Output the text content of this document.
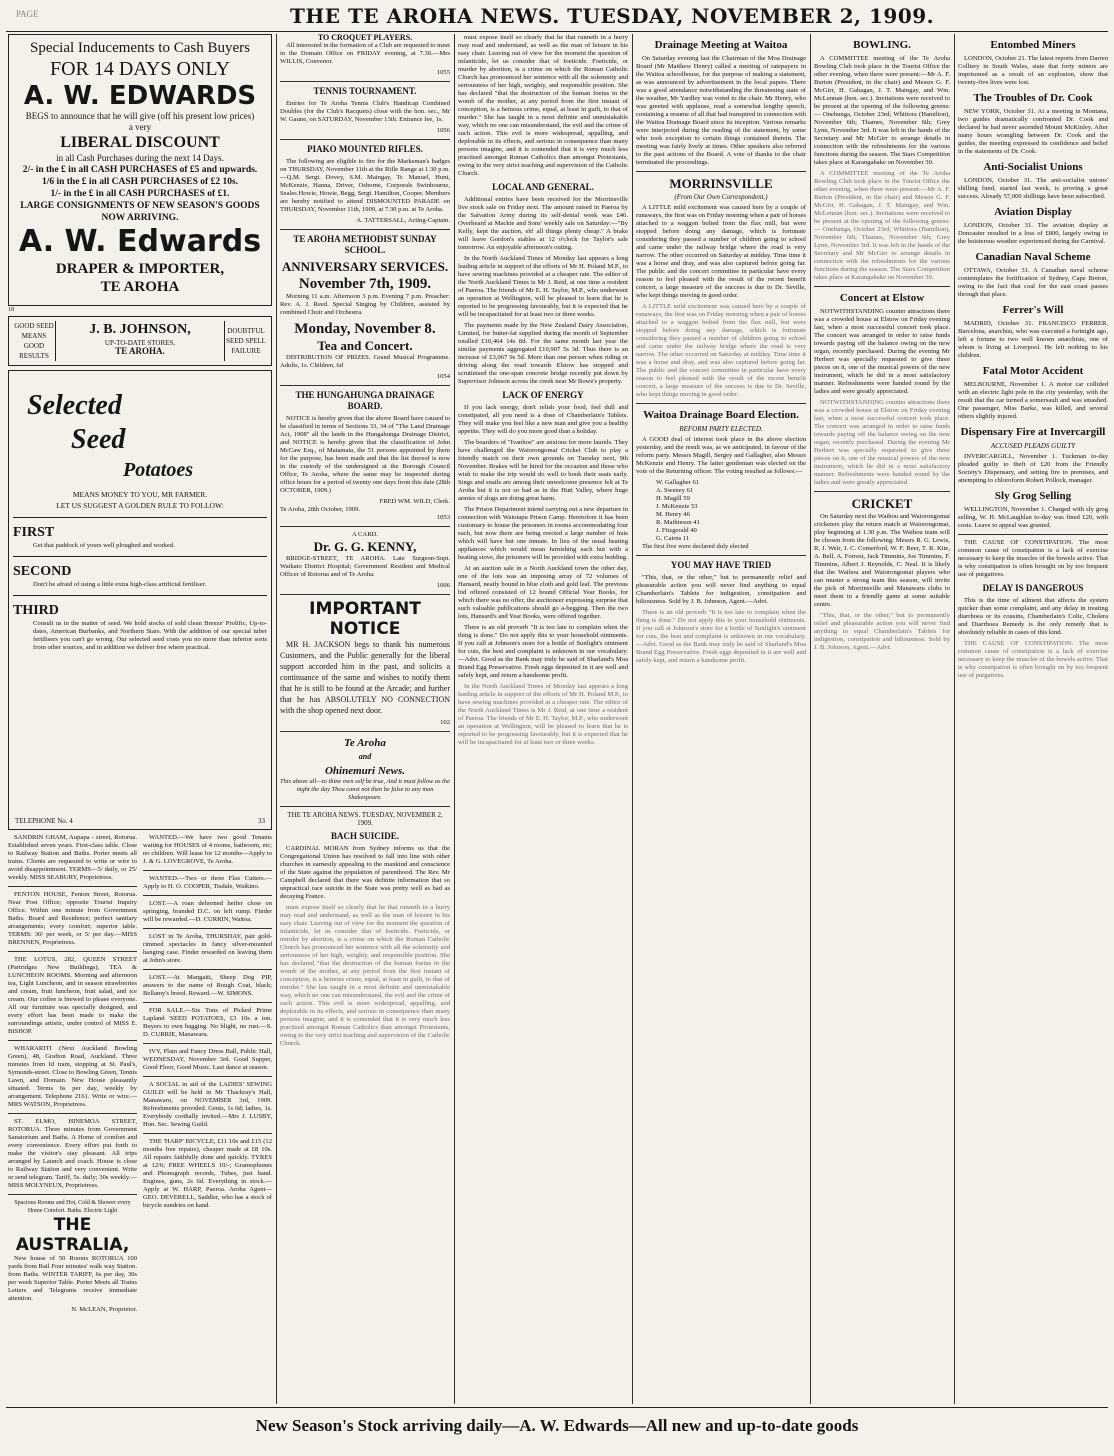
PAGE	THE TE AROHA NEWS. TUESDAY, NOVEMBER 2, 1909.
Special Inducements to Cash Buyers
FOR 14 DAYS ONLY
A. W. EDWARDS
BEGS to announce that he will give (off his present low prices)
a very
LIBERAL DISCOUNT
in all Cash Purchases during the next 14 Days.
2/- in the £ in all CASH PURCHASES of £5 and upwards.
1/6 in the £ in all CASH PURCHASES of £2 10s.
1/- in the £ in all CASH PURCHASES of £1.
LARGE CONSIGNMENTS OF NEW SEASON'S GOODS NOW ARRIVING.
A. W. Edwards
DRAPER & IMPORTER,
TE AROHA
18
GOOD SEED
MEANS
GOOD RESULTS
J. B. JOHNSON,
UP-TO-DATE STORES,
TE AROHA.
DOUBTFUL
SEED SPELL
FAILURE
Selected
Seed
Potatoes
MEANS MONEY TO YOU, MR FARMER.
LET US SUGGEST A GOLDEN RULE TO FOLLOW:
FIRST
Get that paddock of yours well ploughed and worked.
SECOND
Don't be afraid of using a little extra high-class artificial fertiliser.
THIRD
Consult us in the matter of seed. We hold stocks of sold clean Breeze' Prolific, Up-to-dates, American Burbanks, and Northern Stars. With the addition of our special tuber fertilisers you can't go wrong. Our selected seed costs you no more than inferior sorts from other sources, and in addition we deliver free where practical.
TELEPHONE No. 4	33

SANDRIN GHAM, Aupapa - street, Rotorua. Established seven years. First-class table. Close to Railway Station and Baths. Porter meets all trains. Clients are requested to write or wire to avoid disappointment. TERMS—5/ daily, or 25/ weekly. MISS SEABURY, Proprietress.

FENTON HOUSE, Fenton Street, Rotorua. Near Post Office; opposite Tourist Inquiry Office. Within one minute from Government Baths. Board and Residence; perfect sanitary arrangements; every comfort; superior table. TERMS: 30/ per week, or 5/ per day.—MISS BRENNEN, Proprietress.

THE LOTUS, 282, QUEEN STREET (Partridges New Buildings), TEA & LUNCHEON ROOMS. Morning and afternoon tea, Light Luncheon, and in season strawberries and cream, fruit luncheon, fruit salad, and ice cream. Our coffee is brewed to please everyone. All our furniture was specially designed, and every effort has been made to make the surroundings artistic, under control of MISS E. BISHOP.

WHARARITI (Next Auckland Bowling Green), 48, Grafton Road, Auckland. Three minutes from Id tram, stopping at St. Paul's, Symonds-street. Close to Bowling Green, Tennis Lawn, and Domain. New House pleasantly situated. Terms 6s per day, weekly by arrangement. Telephone 2161. Write or wire.—MRS WATSON, Proprietress.

ST. ELMO, HINEMOA STREET, ROTORUA. Three minutes from Government Sanatorium and Baths. A Home of comfort and every convenience. Every effort put forth to make the visitor's stay pleasant. All trips arranged by Launch and coach. House is close to Railway Station and very convenient. Write or send telegram. Tariff, 5s. daily; 30s weekly.—MISS MOLYNEUX, Proprietress.

Spacious Rooms and Hot, Cold & Shower every Home Comfort. Baths. Electric Light
THE AUSTRALIA,

New house of 50 Rooms ROTORUA 100 yards from Rail Four minutes' walk way Station. from Baths. WINTER TARIFF, 6s per day, 30s per week Superior Table. Porter Meets all Trains Letters and Telegrams receive immediate attention.

N. McLEAN, Proprietor.

WANTED.—We have two good Tenants waiting for HOUSES of 4 rooms, bathroom, etc; no children. Will lease for 12 months—Apply to J. & G. LOVEGROVE, Te Aroha.

WANTED.—Two or three Flax Cutters.—Apply to H. O. COOPER, Tisdale, Waikino.

LOST.—A roan dehorned heifer close on springing, branded D.C. on left rump. Finder will be rewarded.—D. CURRIN, Waitoa.

LOST in Te Aroha, THURSDAY, pair gold-rimmed spectacles in fancy silver-mounted hanging case. Finder rewarded on leaving them at John's store.

LOST.—At Mangaiti, Sheep Dog PIP, answers to the name of Rough Coat, black; Bellamy's breed. Reward.—W. SIMONS.

FOR SALE.—Six Tons of Picked Prime Lapland 'SEED POTATOES, £3 10s a ton. Buyers to own bagging. No blight, no rust.—S. D. CURRIE, Manawaru.

IVY, Plain and Fancy Dress Ball, Public Hall, WEDNESDAY, November 3rd. Good Supper, Good Floor, Good Music. Last dance at season.

A SOCIAL in aid of the LADIES' SEWING GUILD will be held in Mr Thackray's Hall, Manawaru, on NOVEMBER 3rd, 1909. Refreshments provided. Gents, 1s 6d; ladies, 1s. Everybody cordially invited.—Mrs J. LUSBY, Hon. Sec. Sewing Guild.

THE 'HARP' BICYCLE, £11 10s and £15 (12 months free repairs), cheaper made at £8 10s. All repairs faithfully done and quickly. TYRES at 12/6; FREE WHEELS 10/-; Gramophones and Phonograph records, Tubes, just hand. Engines, guns, 2s 6d. Everything in stock.—Apply at W. HARP, Paeroa. Aroha Agent—GEO. DEVERELL, Saddler, who has a stock of bicycle sundries on hand.

TO CROQUET PLAYERS.

All interested in the formation of a Club are requested to meet in the Domain Office on FRIDAY evening, at 7.30.—Mrs WILLIS, Convenor.

1055
TENNIS TOURNAMENT.

Entries for Te Aroha Tennis Club's Handicap Combined Doubles (for the Club's Racquets) close with the hon. sec., Mr W. Gaune, on SATURDAY, November 13th. Entrance fee, 1s.

1056
PIAKO MOUNTED RIFLES.

The following are eligible to fire for the Marksman's badges on THURSDAY, November 11th at the Rifle Range at 1.30 p.m.—Q.M. Sergt. Dovey, S.M. Maingay, Tr. Manuel, Hunt, McKenzie, Hanna, Driver, Osborne, Corporals Swinbourne, Seales Howie, Howie, Begg, Sergt. Hamilton, Cooper. Members are hereby notified to attend DISMOUNTED PARADE on THURSDAY, November 11th, 1909, at 7.30 p.m. at Te Aroha.

A. TATTERSALL, Acting-Captain.
TE AROHA METHODIST SUNDAY SCHOOL.
ANNIVERSARY SERVICES.
November 7th, 1909.

Morning 11 a.m. Afternoon 3 p.m. Evening 7 p.m. Preacher: Rev. A. J. Reed. Special Singing by Children, assisted by combined Choir and Orchestra.

Monday, November 8.
Tea and Concert.

DISTRIBUTION OF PRIZES. Grand Musical Programme. Adults, 1s. Children, 6d

1054
THE HUNGAHUNGA DRAINAGE BOARD.

NOTICE is hereby given that the above Board have caused to be classified in terms of Sections 33, 34 of "The Land Drainage Act, 1908" all the lands in the Hungahunga Drainage District, and NOTICE is hereby given that the classification of John McCaw Esq., of Matamata, the 51 persons appointed by them for the purpose, has been made and that the list thereof is now in the custody of the undersigned at the Borough Council Office, Te Aroha, where the same may be inspected during office hours for a period of twenty one days from this date (28th OCTOBER, 1909.)

FRED WM. WILD, Clerk.
Te Aroha, 28th October, 1909.
1053
A CARD.
Dr. G. G. KENNY,

BRIDGE-STREET, TE AROHA. Late Surgeon-Supt. Waikato District Hospital; Government Resident and Medical Officer of Rotorua and of Te Aroha.

1006
IMPORTANT NOTICE

MR H. JACKSON begs to thank his numerous Customers, and the Public generally for the liberal support accorded him in the past, and solicits a continuance of the same and wishes to notify them that he is still to be found at the Arcade; and further that he has ABSOLUTELY NO CONNECTION with the shop opened next door.

102
Te Aroha
and
Ohinemuri News.
This above all—to thine own self be true, And it must follow as the night the day Thou canst not then be false to any man Shakespeare.
THE TE AROHA NEWS. TUESDAY, NOVEMBER 2, 1909.
BACH SUICIDE.

CARDINAL MORAN from Sydney informs us that the Congregational Union has resolved to fall into line with other churches in earnestly appealing to the mankind and conscience of the State against the population of parenthood. The Rev. Mr Campbell declared that there was definite information that so unpractical race suicide in the State was pretty well as bad as decaying France.

must expose itself so clearly that he that runneth in a hurry may read and understand, as well as the man of leisure in his easy chair. Leaving out of view for the moment the question of infanticide, let us consider that of foeticide. Foeticide, or murder by abortion, is a crime on which the Roman Catholic Church has pronounced her sentence with all the solemnity and seriousness of her high, weighty, and responsible position. She has declared "that the destruction of the human foetus in the womb of the mother, at any period from the first instant of conception, is a heinous crime, equal, at least in guilt, to that of murder." She has taught in a most definite and unmistakable way, which no one can misunderstand, the evil and the crime of such action. This evil is more widespread, appalling, and deplorable in its effects, and serious in consequence than many persons imagine, and it is contended that it is very much less practised amongst Roman Catholics than amongst Protestants, owing to the very strict teaching and supervision of the Catholic Church.

must expose itself so clearly that he that runneth in a hurry may read and understand, as well as the man of leisure in his easy chair. Leaving out of view for the moment the question of infanticide, let us consider that of foeticide. Foeticide, or murder by abortion, is a crime on which the Roman Catholic Church has pronounced her sentence with all the solemnity and seriousness of her high, weighty, and responsible position. She has declared "that the destruction of the human foetus in the womb of the mother, at any period from the first instant of conception, is a heinous crime, equal, at least in guilt, to that of murder." She has taught in a most definite and unmistakable way, which no one can misunderstand, the evil and the crime of such action. This evil is more widespread, appalling, and deplorable in its effects, and serious in consequence than many persons imagine, and it is contended that it is very much less practised amongst Roman Catholics than amongst Protestants, owing to the very strict teaching and supervision of the Catholic Church.

LOCAL AND GENERAL.

Additional entries have been received for the Morrinsville live stock sale on Friday next. The amount raised in Paeroa by the Salvation Army during its self-denial week was £46. Overheard at Mackie and Sons' weekly sale on Saturday:—"By Kelly, kept the auction, eh! all things plenty cheap." A brake will leave Gordon's stables at 12 o'clock for Taylor's sale tomorrow. An enjoyable afternoon's outing.

In the North Auckland Times of Monday last appears a long leading article in support of the efforts of Mr H. Poland M.P., to have sewing machines provided at a cheaper rate. The editor of the North Auckland Times is Mr J. Reid, at one time a resident of Paeroa. The friends of Mr E. H. Taylor, M.P., who underwent an operation at Wellington, will be pleased to learn that he is reported to be progressing favourably, but it is expected that he will be incapacitated for at least two or three weeks.

The payments made by the New Zealand Dairy Association, Limited, for butter-fat supplied during the month of September totalled £10,464 14s 8d. For the same month last year the similar payments aggregated £10,907 5s 3d. Thus there is an increase of £3,067 9s 5d. More than one person when riding or driving along the road towards Elstow has stopped and scrutinised the one-span concrete bridge recently put down by Supervisor Johnson across the creek near Mr Bowe's property.

LACK OF ENERGY

If you lack energy, don't relish your food, feel dull and constipated, all you need is a dose of Chamberlain's Tablets. They will make you feel like a new man and give you a healthy appetite. They will do you more good than a holiday.

The boarders of "Ivanhoe" are anxious for more laurels. They have challenged the Waiorongomai Cricket Club to play a friendly match on their own grounds on Tuesday next, 9th November. Brakes will be hired for the occasion and those who wish to make the trip would do well to book their seats early. Sings and snails are among their unwelcome presence felt at Te Aroha but it is not so bad as in the Hutt Valley, where huge armies of slugs are doing great harm.

The Prison Department intend carrying out a new departure in connection with Waiotapu Prison Camp. Heretofore it has been customary to house the prisoners in rooms accommodating four each, but now there are being erected a large number of huts which will have but one inmate. In lieu of the usual heating appliances which would mean furnishing each hut with a heating stove, the prisoners will be provided with extra bedding.

At an auction sale in a North Auckland town the other day, one of the lots was an imposing array of 72 volumes of Hansard, neatly bound in blue cloth and gold leaf. The previous bid offered consisted of 12 bound Official Year Books, for which there was no offer, the auctioneer expressing surprise that such valuable publications should go a-begging. Then the two lots, Hansard's and Year Books, were offered together.

There is an old proverb "It is too late to complain when the thing is done." Do not apply this to your household ointments. If you call at Johnson's store for a bottle of Sunlight's ointment for cuts, the best and complaint is unknown in our vocabulary.—Advt. Good as the Bank may truly be said of Sharland's Moa Brand Egg Preservative. Fresh eggs deposited in it are well and safely kept, and return a handsome profit.

In the North Auckland Times of Monday last appears a long leading article in support of the efforts of Mr H. Poland M.P., to have sewing machines provided at a cheaper rate. The editor of the North Auckland Times is Mr J. Reid, at one time a resident of Paeroa. The friends of Mr E. H. Taylor, M.P., who underwent an operation at Wellington, will be pleased to learn that he is reported to be progressing favourably, but it is expected that he will be incapacitated for at least two or three weeks.

Drainage Meeting at Waitoa

On Saturday evening last the Chairman of the Moa Drainage Board (Mr Matthew Henry) called a meeting of ratepayers in the Waitoa schoolhouse, for the purpose of making a statement, as was announced by advertisement in the local papers. There was a good attendance notwithstanding the threatening state of the weather, Mr Yardley was voted to the chair. Mr Henry, who was greeted with applause, read a somewhat lengthy speech, containing a resume of all that had transpired in connection with the Waitoa Drainage Board since its inception. Various remarks were interjected during the reading of the statement, by some who took exception to certain things contained therein. The meeting was fairly lively at times. Other speakers also referred to the past actions of the Board. A vote of thanks to the chair terminated the proceedings.

MORRINSVILLE
(From Our Own Correspondent.)

A LITTLE mild excitement was caused here by a couple of runaways, the first was on Friday morning when a pair of horses attached to a waggon bolted from the flax mill, but were stopped before doing any damage, which is fortunate considering they passed a number of children going to school and came under the railway bridge where the road is very narrow. The other occurred on Saturday at midday. Time time it was a horse and dray, and was also captured before going far. The public and the concert committee in particular have every reason to feel pleased with the result of the recent benefit concert, a large measure of the success is due to Dr. Seville, who kept things moving in good order.

A LITTLE mild excitement was caused here by a couple of runaways, the first was on Friday morning when a pair of horses attached to a waggon bolted from the flax mill, but were stopped before doing any damage, which is fortunate considering they passed a number of children going to school and came under the railway bridge where the road is very narrow. The other occurred on Saturday at midday. Time time it was a horse and dray, and was also captured before going far. The public and the concert committee in particular have every reason to feel pleased with the result of the recent benefit concert, a large measure of the success is due to Dr. Seville, who kept things moving in good order.

Waitoa Drainage Board Election.
REFORM PARTY ELECTED.

A GOOD deal of interest took place in the above election yesterday, and the result was, as we anticipated, in favour of the reform party. Messrs Magill, Sergey and Gallagher, also Messrs McKenzie and Henry. The latter gentleman was elected on the vote of the Returning officer. The voting resulted as follows:—

W. Gallagher 61
A. Sweney 61
H. Magill 59
J. McKenzie 53
M. Henry 46
R. Mathieson 41
J. Fitzgerald 40
G. Cairns 11

The first five were declared duly elected

YOU MAY HAVE TRIED

"This, that, or the other," but to permanently relief and pleasurable action you will never find anything to equal Chamberlain's Tablets for indigestion, constipation and biliousness. Sold by J. B. Johnson, Agent.—Advt.

There is an old proverb "It is too late to complain when the thing is done." Do not apply this to your household ointments. If you call at Johnson's store for a bottle of Sunlight's ointment for cuts, the best and complaint is unknown in our vocabulary.—Advt. Good as the Bank may truly be said of Sharland's Moa Brand Egg Preservative. Fresh eggs deposited in it are well and safely kept, and return a handsome profit.

BOWLING.

A COMMITTEE meeting of the Te Aroha Bowling Club took place in the Tourist Office the other evening, when there were present:—Mr A. F. Burton (President, in the chair) and Messrs G. F. McGirr, H. Gahagan, J. T. Maingay, and Wm. McLennan (hon. sec.). Invitations were received to be present at the opening of the following greens:— Onehunga, October 23rd; Whitiora (Hamilton), November 6th; Thames, November 6th; Grey Lynn, November 3rd. It was left in the hands of the Secretary and Mr McGirr to arrange details in connection with the refreshments for the various functions during the season. The Stars Competition takes place at Karangahake on November 30.

A COMMITTEE meeting of the Te Aroha Bowling Club took place in the Tourist Office the other evening, when there were present:—Mr A. F. Burton (President, in the chair) and Messrs G. F. McGirr, H. Gahagan, J. T. Maingay, and Wm. McLennan (hon. sec.). Invitations were received to be present at the opening of the following greens:— Onehunga, October 23rd; Whitiora (Hamilton), November 6th; Thames, November 6th; Grey Lynn, November 3rd. It was left in the hands of the Secretary and Mr McGirr to arrange details in connection with the refreshments for the various functions during the season. The Stars Competition takes place at Karangahake on November 30.

Concert at Elstow

NOTWITHSTANDING counter attractions there was a crowded house at Elstow on Friday evening last, when a most successful concert took place. The concert was arranged in order to raise funds towards paying off the balance owing on the new organ, recently purchased. During the evening Mr Herbert was specially requested to give three pieces on it, one of the musical powers of the new instrument, which he did in a most satisfactory manner. Refreshments were handed round by the ladies and were greatly appreciated.

NOTWITHSTANDING counter attractions there was a crowded house at Elstow on Friday evening last, when a most successful concert took place. The concert was arranged in order to raise funds towards paying off the balance owing on the new organ, recently purchased. During the evening Mr Herbert was specially requested to give three pieces on it, one of the musical powers of the new instrument, which he did in a most satisfactory manner. Refreshments were handed round by the ladies and were greatly appreciated.

CRICKET

On Saturday next the Waihou and Waiorongomai cricketers play the return match at Waiorongomai, play beginning at 1.30 p.m. The Waihou team will be chosen from the following: Messrs R. G. Lewis, R. J. Weir, J. C. Comerford, W. F. Beer, T. R. Kite, A. Bell, A. Forrest, Jack Timmins, Joe Timmins, F. Timmins, Albert J. Reynolds, C. Neal. It is likely that the Waihou and Waiorongomai players who can muster a strong team this season, will invite the pick of Morrinsville and Manawaru clubs to meet them in a friendly game at some suitable centre.

"This, that, or the other," but to permanently relief and pleasurable action you will never find anything to equal Chamberlain's Tablets for indigestion, constipation and biliousness. Sold by J. B. Johnson, Agent.—Advt.

Entombed Miners

LONDON, October 21. The latest reports from Darren Colliery in South Wales, state that forty miners are imprisoned as a result of an explosion, show that twenty-five lives were lost.

The Troubles of Dr. Cook

NEW YORK, October 31. At a meeting in Montana, two guides dramatically confronted Dr. Cook and declared he had never ascended Mount McKinley. After many hours wrangling between Dr. Cook and the guides, the meeting expressed its confidence and belief in the statements of Dr. Cook.

Anti-Socialist Unions

LONDON, October 31. The anti-socialist unions' shilling fund, started last week, is proving a great success. Already 57,000 shillings have been subscribed.

Aviation Display

LONDON, October 31. The aviation display at Doncaster resulted in a loss of £800, largely owing to the boisterous weather experienced during the Carnival.

Canadian Naval Scheme

OTTAWA, October 31. A Canadian naval scheme contemplates the fortification of Sydney, Cape Breton, owing to the fact that coal for the east coast passes through that place.

Ferrer's Will

MADRID, October 31. FRANCISCO FERRER, Barcelona, anarchist, who was executed a fortnight ago, left a fortune to two well known anarchists, one of whom is living at Liverpool. He left nothing to his children.

Fatal Motor Accident

MELBOURNE, November 1. A motor car collided with an electric light pole in the city yesterday, with the result that the car turned a somersault and was smashed. One passenger, Miss Barke, was killed, and several others slightly injured.

Dispensary Fire at Invercargill
ACCUSED PLEADS GUILTY

INVERCARGILL, November 1. Tuckman to-day pleaded guilty to theft of £20 from the Friendly Society's Dispensary, and setting fire to premises, and attempting to chloroform Robert Pollock, manager.

Sly Grog Selling

WELLINGTON, November 1. Charged with sly grog selling, W. H. McLaughlan to-day was fined £20, with costs. Leave to appeal was granted.

THE CAUSE OF CONSTIPATION. The most common cause of constipation is a lack of exercise necessary to keep the muscles of the bowels active. That is why constipation is often brought on by too frequent use of purgatives.

DELAY IS DANGEROUS

This is the time of ailment that affects the system quicker than some complaint, and any delay in treating diarrhoea or its cousins, Chamberlain's Colic, Cholera and Diarrhoea Remedy is the only remedy that is absolutely reliable in cases of this kind.

THE CAUSE OF CONSTIPATION. The most common cause of constipation is a lack of exercise necessary to keep the muscles of the bowels active. That is why constipation is often brought on by too frequent use of purgatives.

New Season's Stock arriving daily—A. W. Edwards—All new and up-to-date goods
